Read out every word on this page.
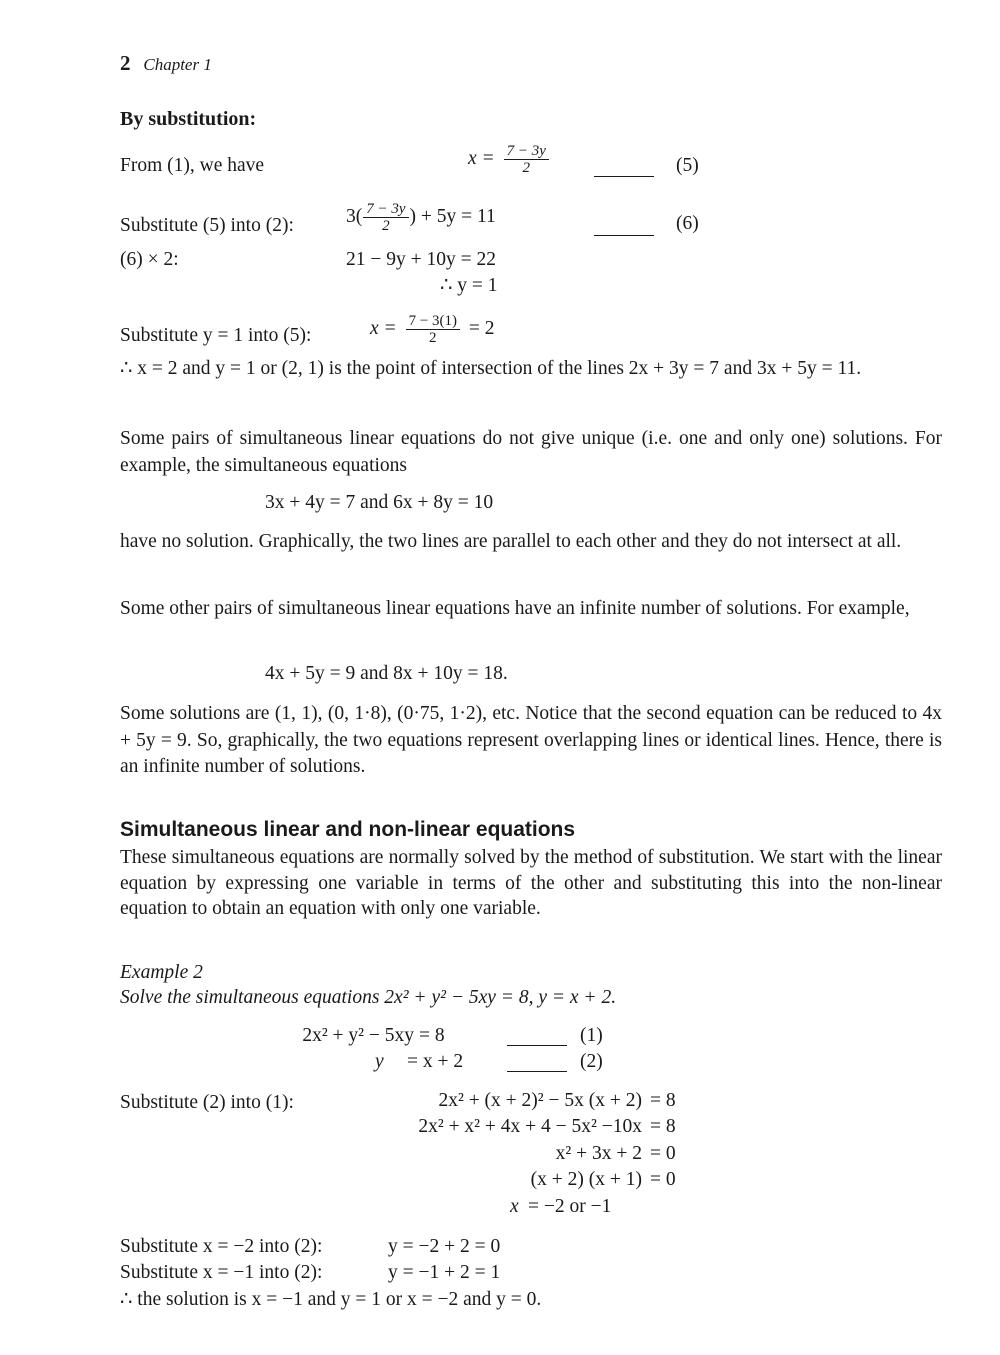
2 Chapter 1
By substitution:
From (1), we have	$x = \frac{7 - 3y}{2}$	(5)
Substitute (5) into (2):	$3( \frac{7 - 3y}{2}$ ) + 5y = 11	(6)
(6) × 2:	21 − 9y + 10y = 22
∴ y = 1
Substitute y = 1 into (5):	$x = \frac{7 - 3(1)}{2} = 2$
∴ x = 2 and y = 1 or (2, 1) is the point of intersection of the lines 2x + 3y = 7 and 3x + 5y = 11.
Some pairs of simultaneous linear equations do not give unique (i.e. one and only one) solutions. For example, the simultaneous equations
3x + 4y = 7 and 6x + 8y = 10
have no solution. Graphically, the two lines are parallel to each other and they do not intersect at all.
Some other pairs of simultaneous linear equations have an infinite number of solutions. For example,
4x + 5y = 9 and 8x + 10y = 18.
Some solutions are (1, 1), (0, 1·8), (0·75, 1·2), etc. Notice that the second equation can be reduced to 4x + 5y = 9. So, graphically, the two equations represent overlapping lines or identical lines. Hence, there is an infinite number of solutions.
Simultaneous linear and non-linear equations
These simultaneous equations are normally solved by the method of substitution. We start with the linear equation by expressing one variable in terms of the other and substituting this into the non-linear equation to obtain an equation with only one variable.
Example 2
Solve the simultaneous equations 2x² + y² − 5xy = 8, y = x + 2.
2x² + y² − 5xy = 8	(1)
y = x + 2	(2)
Substitute (2) into (1):	2x² + (x + 2)² − 5x (x + 2) = 8
2x² + x² + 4x + 4 − 5x² −10x = 8
x² + 3x + 2 = 0
(x + 2) (x + 1) = 0
x = −2 or −1
Substitute x = −2 into (2):	y = −2 + 2 = 0
Substitute x = −1 into (2):	y = −1 + 2 = 1
∴ the solution is x = −1 and y = 1 or x = −2 and y = 0.
